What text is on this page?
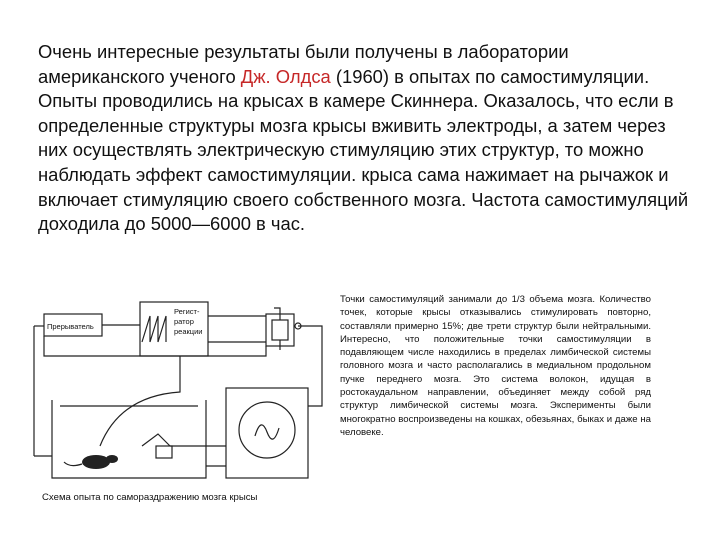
Очень интересные результаты были получены в лаборатории американского ученого Дж. Олдса (1960) в опытах по самостимуляции. Опыты проводились на крысах в камере Скиннера. Оказалось, что если в определенные структуры мозга крысы вживить электроды, а затем через них осуществлять электрическую стимуляцию этих структур, то можно наблюдать эффект самостимуляции. крыса сама нажимает на рычажок и включает стимуляцию своего собственного мозга. Частота самостимуляций доходила до 5000—6000 в час.

Прерыватель
Регист-
ратор
реакции
Схема опыта по самораздражению мозга крысы
Точки самостимуляций занимали до 1/3 объема мозга. Количество точек, которые крысы отказывались стимулировать повторно, составляли примерно 15%; две трети структур были нейтральными. Интересно, что положительные точки самостимуляции в подавляющем числе находились в пределах лимбической системы головного мозга и часто располагались в медиальном продольном пучке переднего мозга. Это система волокон, идущая в ростокаудальном направлении, объединяет между собой ряд структур лимбической системы мозга. Эксперименты были многократно воспроизведены на кошках, обезьянах, быках и даже на человеке.
